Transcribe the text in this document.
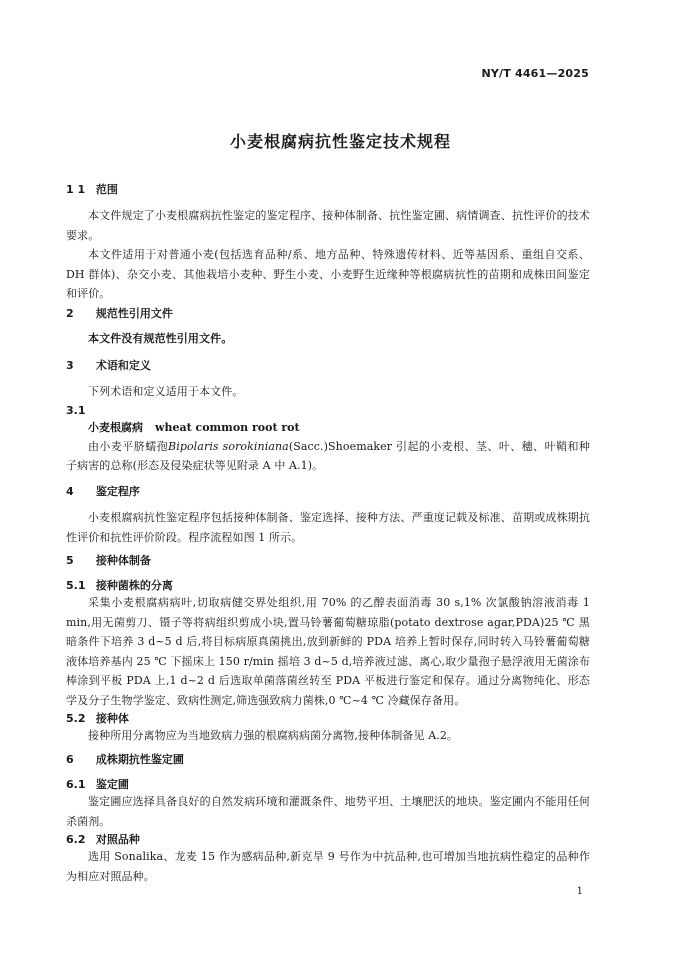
NY/T 4461—2025
小麦根腐病抗性鉴定技术规程

1 1 范围

本文件规定了小麦根腐病抗性鉴定的鉴定程序、接种体制备、抗性鉴定圃、病情调查、抗性评价的技术要求。

本文件适用于对普通小麦(包括选育品种/系、地方品种、特殊遗传材料、近等基因系、重组自交系、DH 群体)、杂交小麦、其他栽培小麦种、野生小麦、小麦野生近缘种等根腐病抗性的苗期和成株田间鉴定和评价。

2 规范性引用文件

本文件没有规范性引用文件。

3 术语和定义

下列术语和定义适用于本文件。

3.1

小麦根腐病 wheat common root rot

由小麦平脐蠕孢Bipolaris sorokiniana(Sacc.)Shoemaker 引起的小麦根、茎、叶、穗、叶鞘和种子病害的总称(形态及侵染症状等见附录 A 中 A.1)。

4 鉴定程序

小麦根腐病抗性鉴定程序包括接种体制备、鉴定选择、接种方法、严重度记载及标准、苗期或成株期抗性评价和抗性评价阶段。程序流程如图 1 所示。

5 接种体制备

5.1 接种菌株的分离

采集小麦根腐病病叶,切取病健交界处组织,用 70% 的乙醇表面消毒 30 s,1% 次氯酸钠溶液消毒 1 min,用无菌剪刀、镊子等将病组织剪成小块,置马铃薯葡萄糖琼脂(potato dextrose agar,PDA)25 ℃ 黑暗条件下培养 3 d~5 d 后,将目标病原真菌挑出,放到新鲜的 PDA 培养上暂时保存,同时转入马铃薯葡萄糖液体培养基内 25 ℃ 下摇床上 150 r/min 摇培 3 d~5 d,培养液过滤、离心,取少量孢子悬浮液用无菌涂布棒涂到平板 PDA 上,1 d~2 d 后选取单菌落菌丝转至 PDA 平板进行鉴定和保存。通过分离物纯化、形态学及分子生物学鉴定、致病性测定,筛选强致病力菌株,0 ℃~4 ℃ 冷藏保存备用。

5.2 接种体

接种所用分离物应为当地致病力强的根腐病病菌分离物,接种体制备见 A.2。

6 成株期抗性鉴定圃

6.1 鉴定圃

鉴定圃应选择具备良好的自然发病环境和灌溉条件、地势平坦、土壤肥沃的地块。鉴定圃内不能用任何杀菌剂。

6.2 对照品种

选用 Sonalika、龙麦 15 作为感病品种,新克旱 9 号作为中抗品种,也可增加当地抗病性稳定的品种作为相应对照品种。

1
